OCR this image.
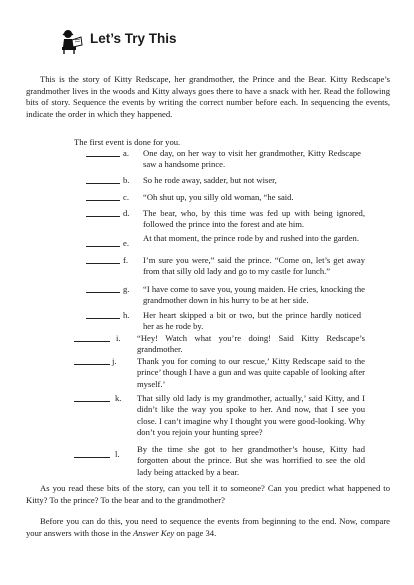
Let’s Try This
This is the story of Kitty Redscape, her grandmother, the Prince and the Bear. Kitty Redscape’s grandmother lives in the woods and Kitty always goes there to have a snack with her. Read the following bits of story. Sequence the events by writing the correct number before each. In sequencing the events, indicate the order in which they happened.
The first event is done for you.
a. One day, on her way to visit her grandmother, Kitty Redscape saw a handsome prince.
b. So he rode away, sadder, but not wiser,
c. “Oh shut up, you silly old woman, “he said.
d. The bear, who, by this time was fed up with being ignored, followed the prince into the forest and ate him.
e. At that moment, the prince rode by and rushed into the garden.
f. I’m sure you were,” said the prince. “Come on, let’s get away from that silly old lady and go to my castle for lunch.”
g. “I have come to save you, young maiden. He cries, knocking the grandmother down in his hurry to be at her side.
h. Her heart skipped a bit or two, but the prince hardly noticed her as he rode by.
i. “Hey! Watch what you’re doing! Said Kitty Redscape’s grandmother.
j. Thank you for coming to our rescue,’ Kitty Redscape said to the prince’ though I have a gun and was quite capable of looking after myself.’
k. That silly old lady is my grandmother, actually,’ said Kitty, and I didn’t like the way you spoke to her. And now, that I see you close. I can’t imagine why I thought you were good-looking. Why don’t you rejoin your hunting spree?
l. By the time she got to her grandmother’s house, Kitty had forgotten about the prince. But she was horrified to see the old lady being attacked by a bear.
As you read these bits of the story, can you tell it to someone? Can you predict what happened to Kitty? To the prince? To the bear and to the grandmother?
Before you can do this, you need to sequence the events from beginning to the end. Now, compare your answers with those in the Answer Key on page 34.
